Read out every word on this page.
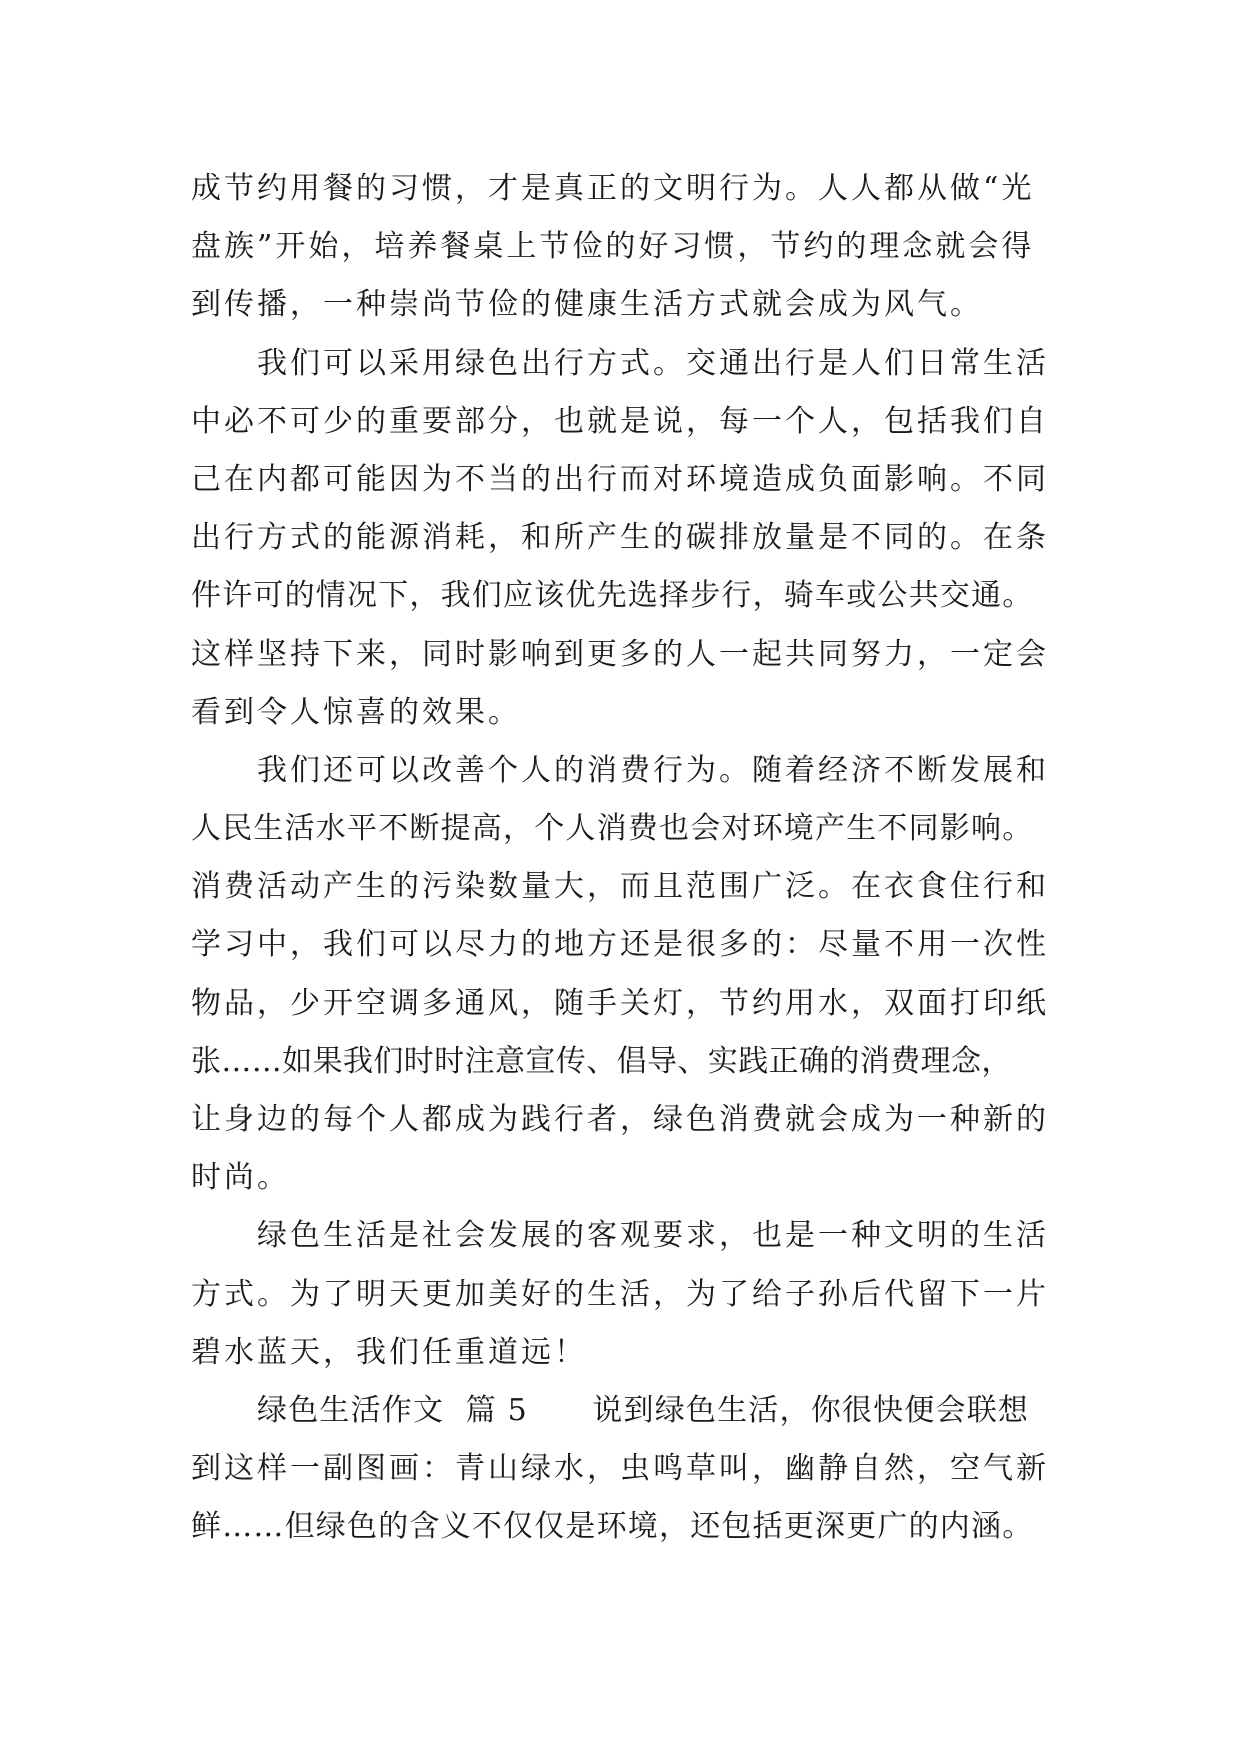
成节约用餐的习惯，才是真正的文明行为。人人都从做“光
盘族”开始，培养餐桌上节俭的好习惯，节约的理念就会得
到传播，一种崇尚节俭的健康生活方式就会成为风气。
我们可以采用绿色出行方式。交通出行是人们日常生活
中必不可少的重要部分，也就是说，每一个人，包括我们自
己在内都可能因为不当的出行而对环境造成负面影响。不同
出行方式的能源消耗，和所产生的碳排放量是不同的。在条
件许可的情况下，我们应该优先选择步行，骑车或公共交通。
这样坚持下来，同时影响到更多的人一起共同努力，一定会
看到令人惊喜的效果。
我们还可以改善个人的消费行为。随着经济不断发展和
人民生活水平不断提高，个人消费也会对环境产生不同影响。
消费活动产生的污染数量大，而且范围广泛。在衣食住行和
学习中，我们可以尽力的地方还是很多的：尽量不用一次性
物品，少开空调多通风，随手关灯，节约用水，双面打印纸
张……如果我们时时注意宣传、倡导、实践正确的消费理念，
让身边的每个人都成为践行者，绿色消费就会成为一种新的
时尚。
绿色生活是社会发展的客观要求，也是一种文明的生活
方式。为了明天更加美好的生活，为了给子孙后代留下一片
碧水蓝天，我们任重道远！
绿色生活作文  篇 5      说到绿色生活，你很快便会联想
到这样一副图画：青山绿水，虫鸣草叫，幽静自然，空气新
鲜……但绿色的含义不仅仅是环境，还包括更深更广的内涵。
